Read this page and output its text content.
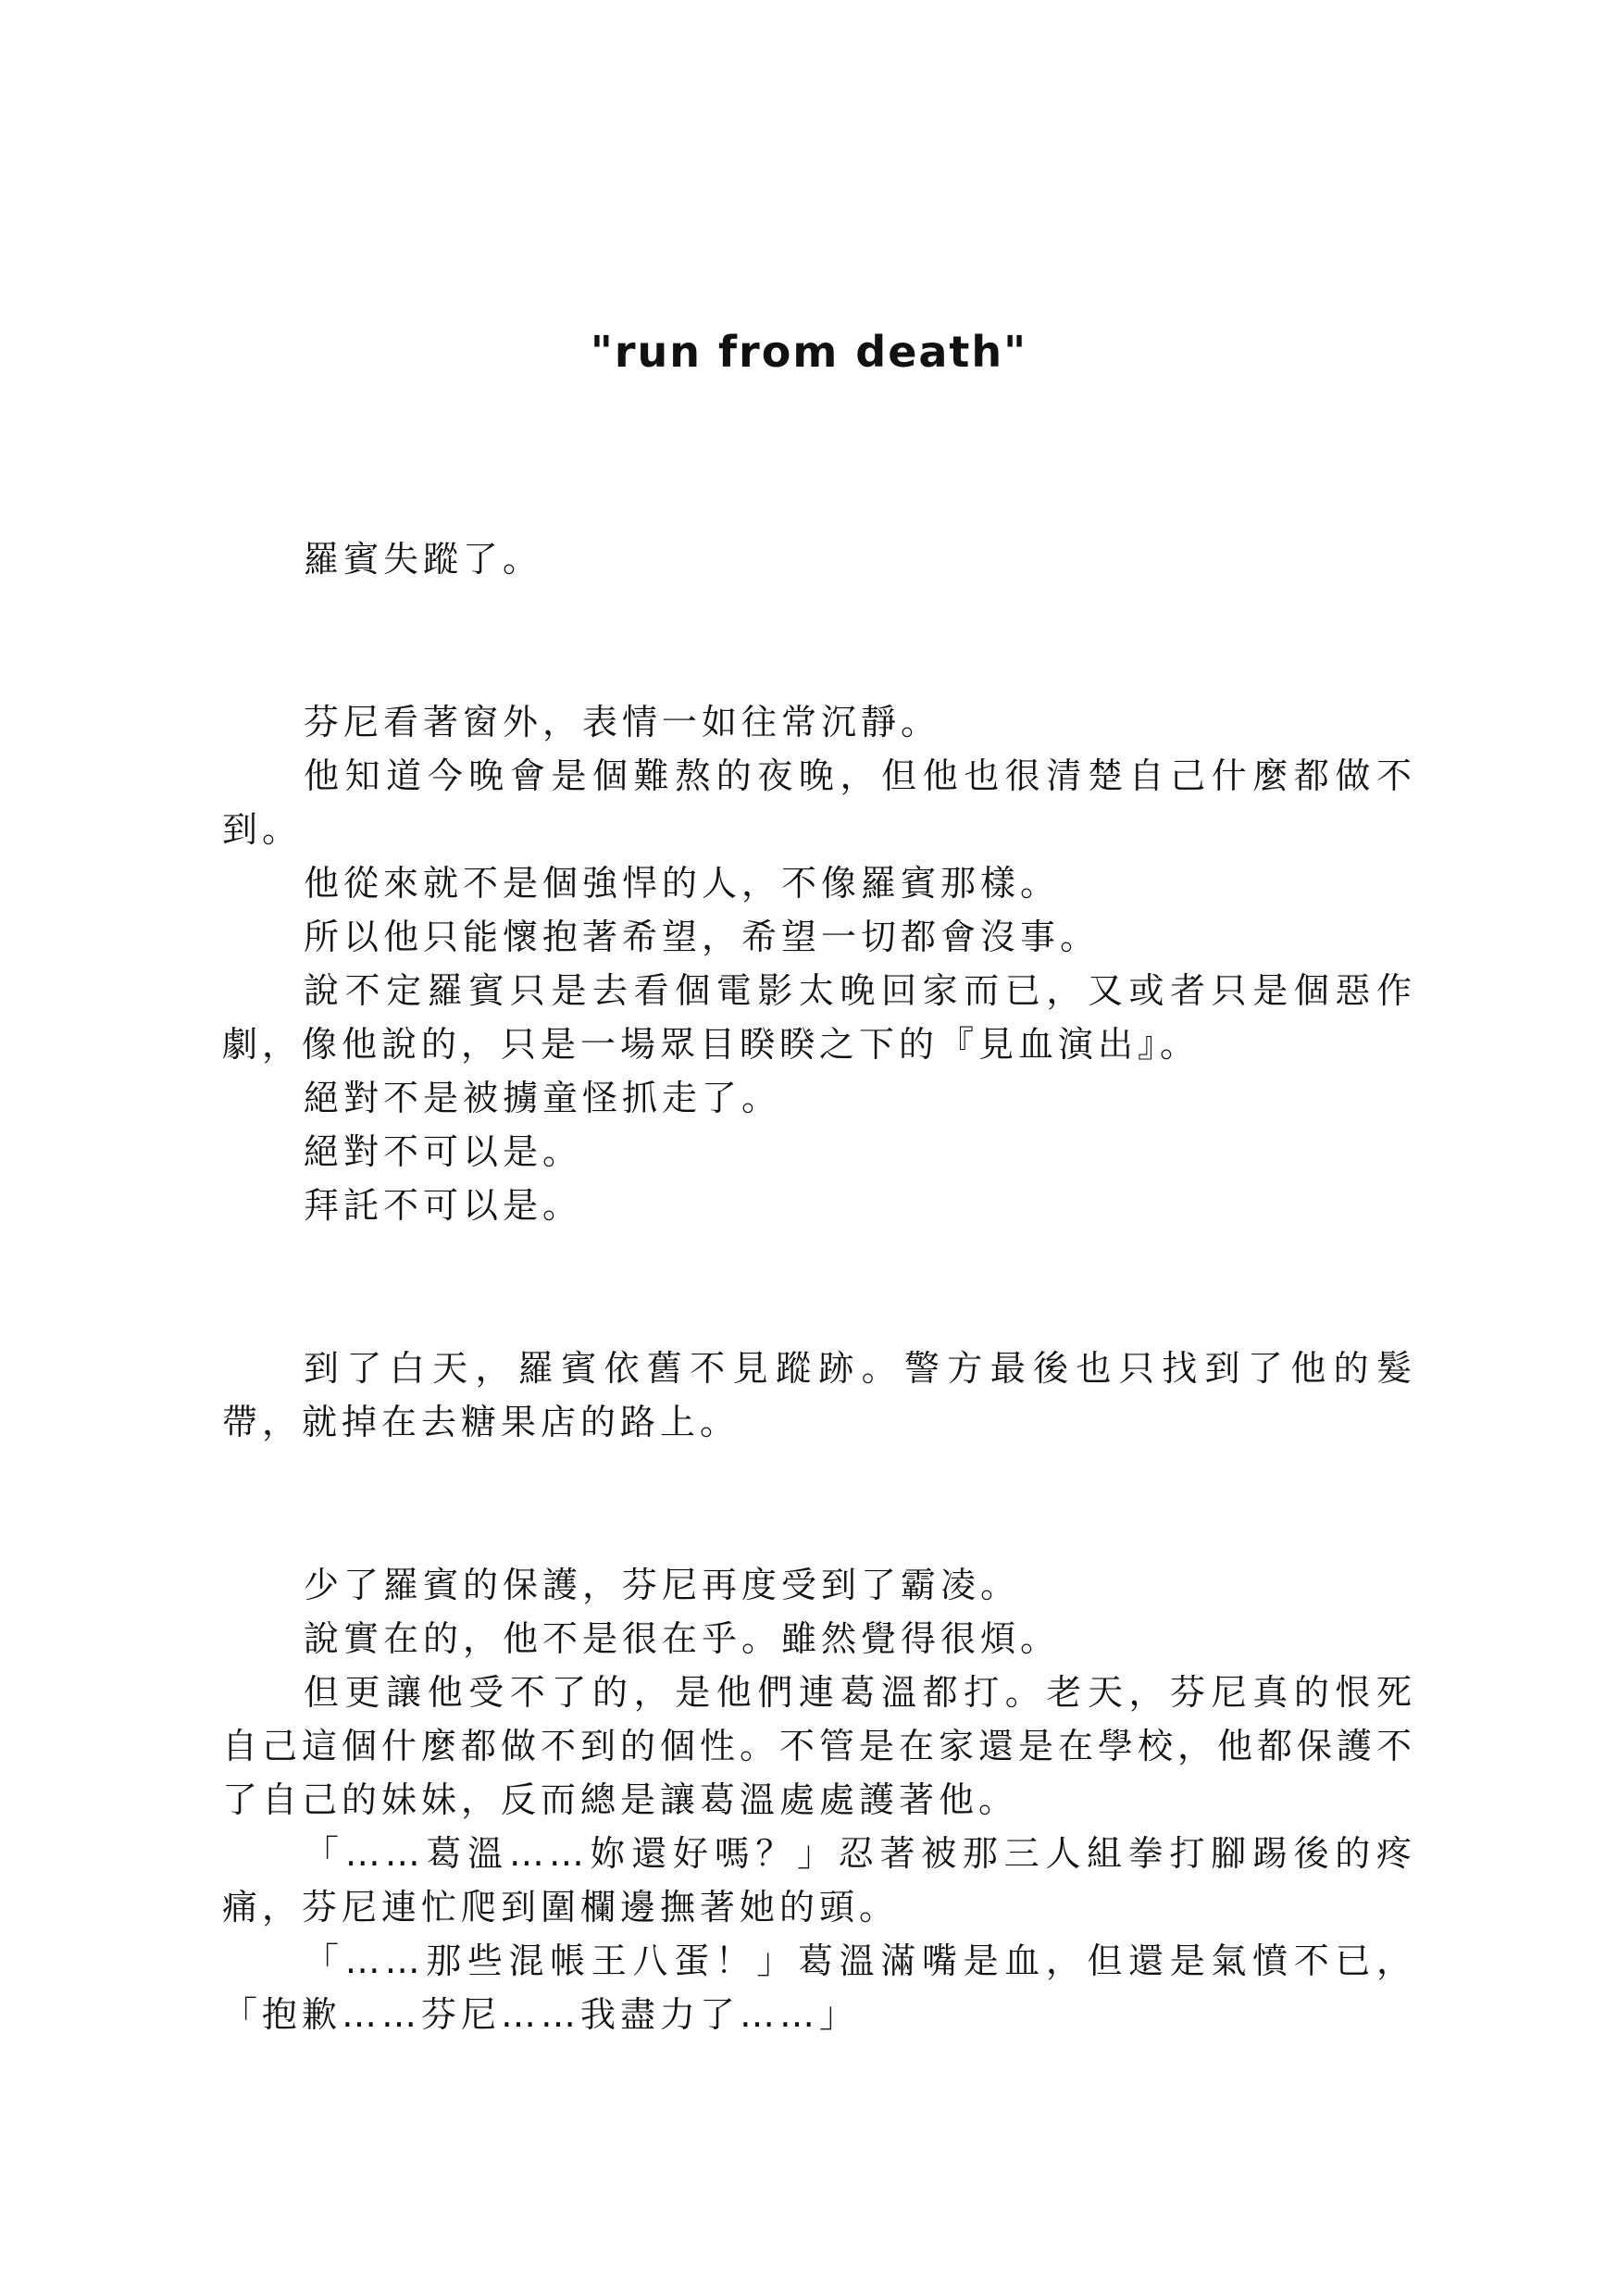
"run from death"

羅賓失蹤了。

芬尼看著窗外，表情一如往常沉靜。

他知道今晚會是個難熬的夜晚，但他也很清楚自己什麼都做不到。

他從來就不是個強悍的人，不像羅賓那樣。

所以他只能懷抱著希望，希望一切都會沒事。

說不定羅賓只是去看個電影太晚回家而已，又或者只是個惡作劇，像他說的，只是一場眾目睽睽之下的『見血演出』。

絕對不是被擄童怪抓走了。

絕對不可以是。

拜託不可以是。

到了白天，羅賓依舊不見蹤跡。警方最後也只找到了他的髮帶，就掉在去糖果店的路上。

少了羅賓的保護，芬尼再度受到了霸凌。

說實在的，他不是很在乎。雖然覺得很煩。

但更讓他受不了的，是他們連葛溫都打。老天，芬尼真的恨死自己這個什麼都做不到的個性。不管是在家還是在學校，他都保護不了自己的妹妹，反而總是讓葛溫處處護著他。

「……葛溫……妳還好嗎？」忍著被那三人組拳打腳踢後的疼痛，芬尼連忙爬到圍欄邊撫著她的頭。

「……那些混帳王八蛋！」葛溫滿嘴是血，但還是氣憤不已，「抱歉……芬尼……我盡力了……」
